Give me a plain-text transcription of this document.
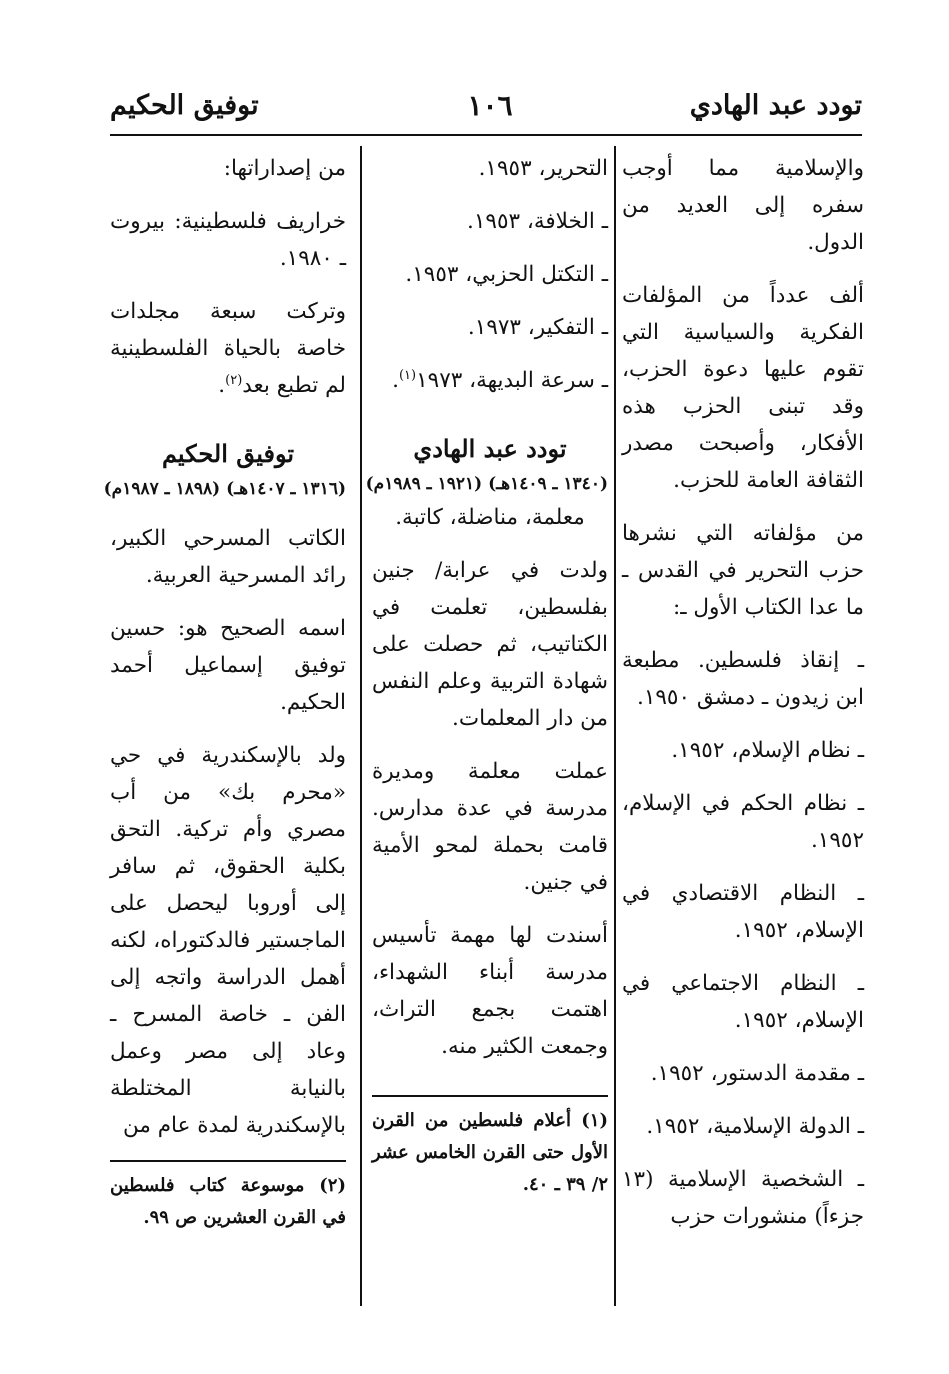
تودد عبد الهادي
١٠٦
توفيق الحكيم

والإسلامية مما أوجب سفره إلى العديد من الدول.

ألف عدداً من المؤلفات الفكرية والسياسية التي تقوم عليها دعوة الحزب، وقد تبنى الحزب هذه الأفكار، وأصبحت مصدر الثقافة العامة للحزب.

من مؤلفاته التي نشرها حزب التحرير في القدس ـ ما عدا الكتاب الأول ـ:

ـ إنقاذ فلسطين. مطبعة ابن زيدون ـ دمشق ١٩٥٠.

ـ نظام الإسلام، ١٩٥٢.

ـ نظام الحكم في الإسلام، ١٩٥٢.

ـ النظام الاقتصادي في الإسلام، ١٩٥٢.

ـ النظام الاجتماعي في الإسلام، ١٩٥٢.

ـ مقدمة الدستور، ١٩٥٢.

ـ الدولة الإسلامية، ١٩٥٢.

ـ الشخصية الإسلامية (١٣ جزءاً) منشورات حزب

التحرير، ١٩٥٣.

ـ الخلافة، ١٩٥٣.

ـ التكتل الحزبي، ١٩٥٣.

ـ التفكير، ١٩٧٣.

ـ سرعة البديهة، ١٩٧٣$^{(١)}$.

تودد عبد الهادي

(١٣٤٠ ـ ١٤٠٩هـ) (١٩٢١ ـ ١٩٨٩م)

معلمة، مناضلة، كاتبة.

ولدت في عرابة/ جنين بفلسطين، تعلمت في الكتاتيب، ثم حصلت على شهادة التربية وعلم النفس من دار المعلمات.

عملت معلمة ومديرة مدرسة في عدة مدارس. قامت بحملة لمحو الأمية في جنين.

أسندت لها مهمة تأسيس مدرسة أبناء الشهداء، اهتمت بجمع التراث، وجمعت الكثير منه.

(١) أعلام فلسطين من القرن الأول حتى القرن الخامس عشر ٢/ ٣٩ ـ ٤٠.

من إصداراتها:

خراريف فلسطينية: بيروت ـ ١٩٨٠.

وتركت سبعة مجلدات خاصة بالحياة الفلسطينية لم تطبع بعد$^{(٢)}$.

توفيق الحكيم

(١٣١٦ ـ ١٤٠٧هـ) (١٨٩٨ ـ ١٩٨٧م)

الكاتب المسرحي الكبير، رائد المسرحية العربية.

اسمه الصحيح هو: حسين توفيق إسماعيل أحمد الحكيم.

ولد بالإسكندرية في حي «محرم بك» من أب مصري وأم تركية. التحق بكلية الحقوق، ثم سافر إلى أوروبا ليحصل على الماجستير فالدكتوراه، لكنه أهمل الدراسة واتجه إلى الفن ـ خاصة المسرح ـ وعاد إلى مصر وعمل بالنيابة المختلطة بالإسكندرية لمدة عام من

(٢) موسوعة كتاب فلسطين في القرن العشرين ص ٩٩.
